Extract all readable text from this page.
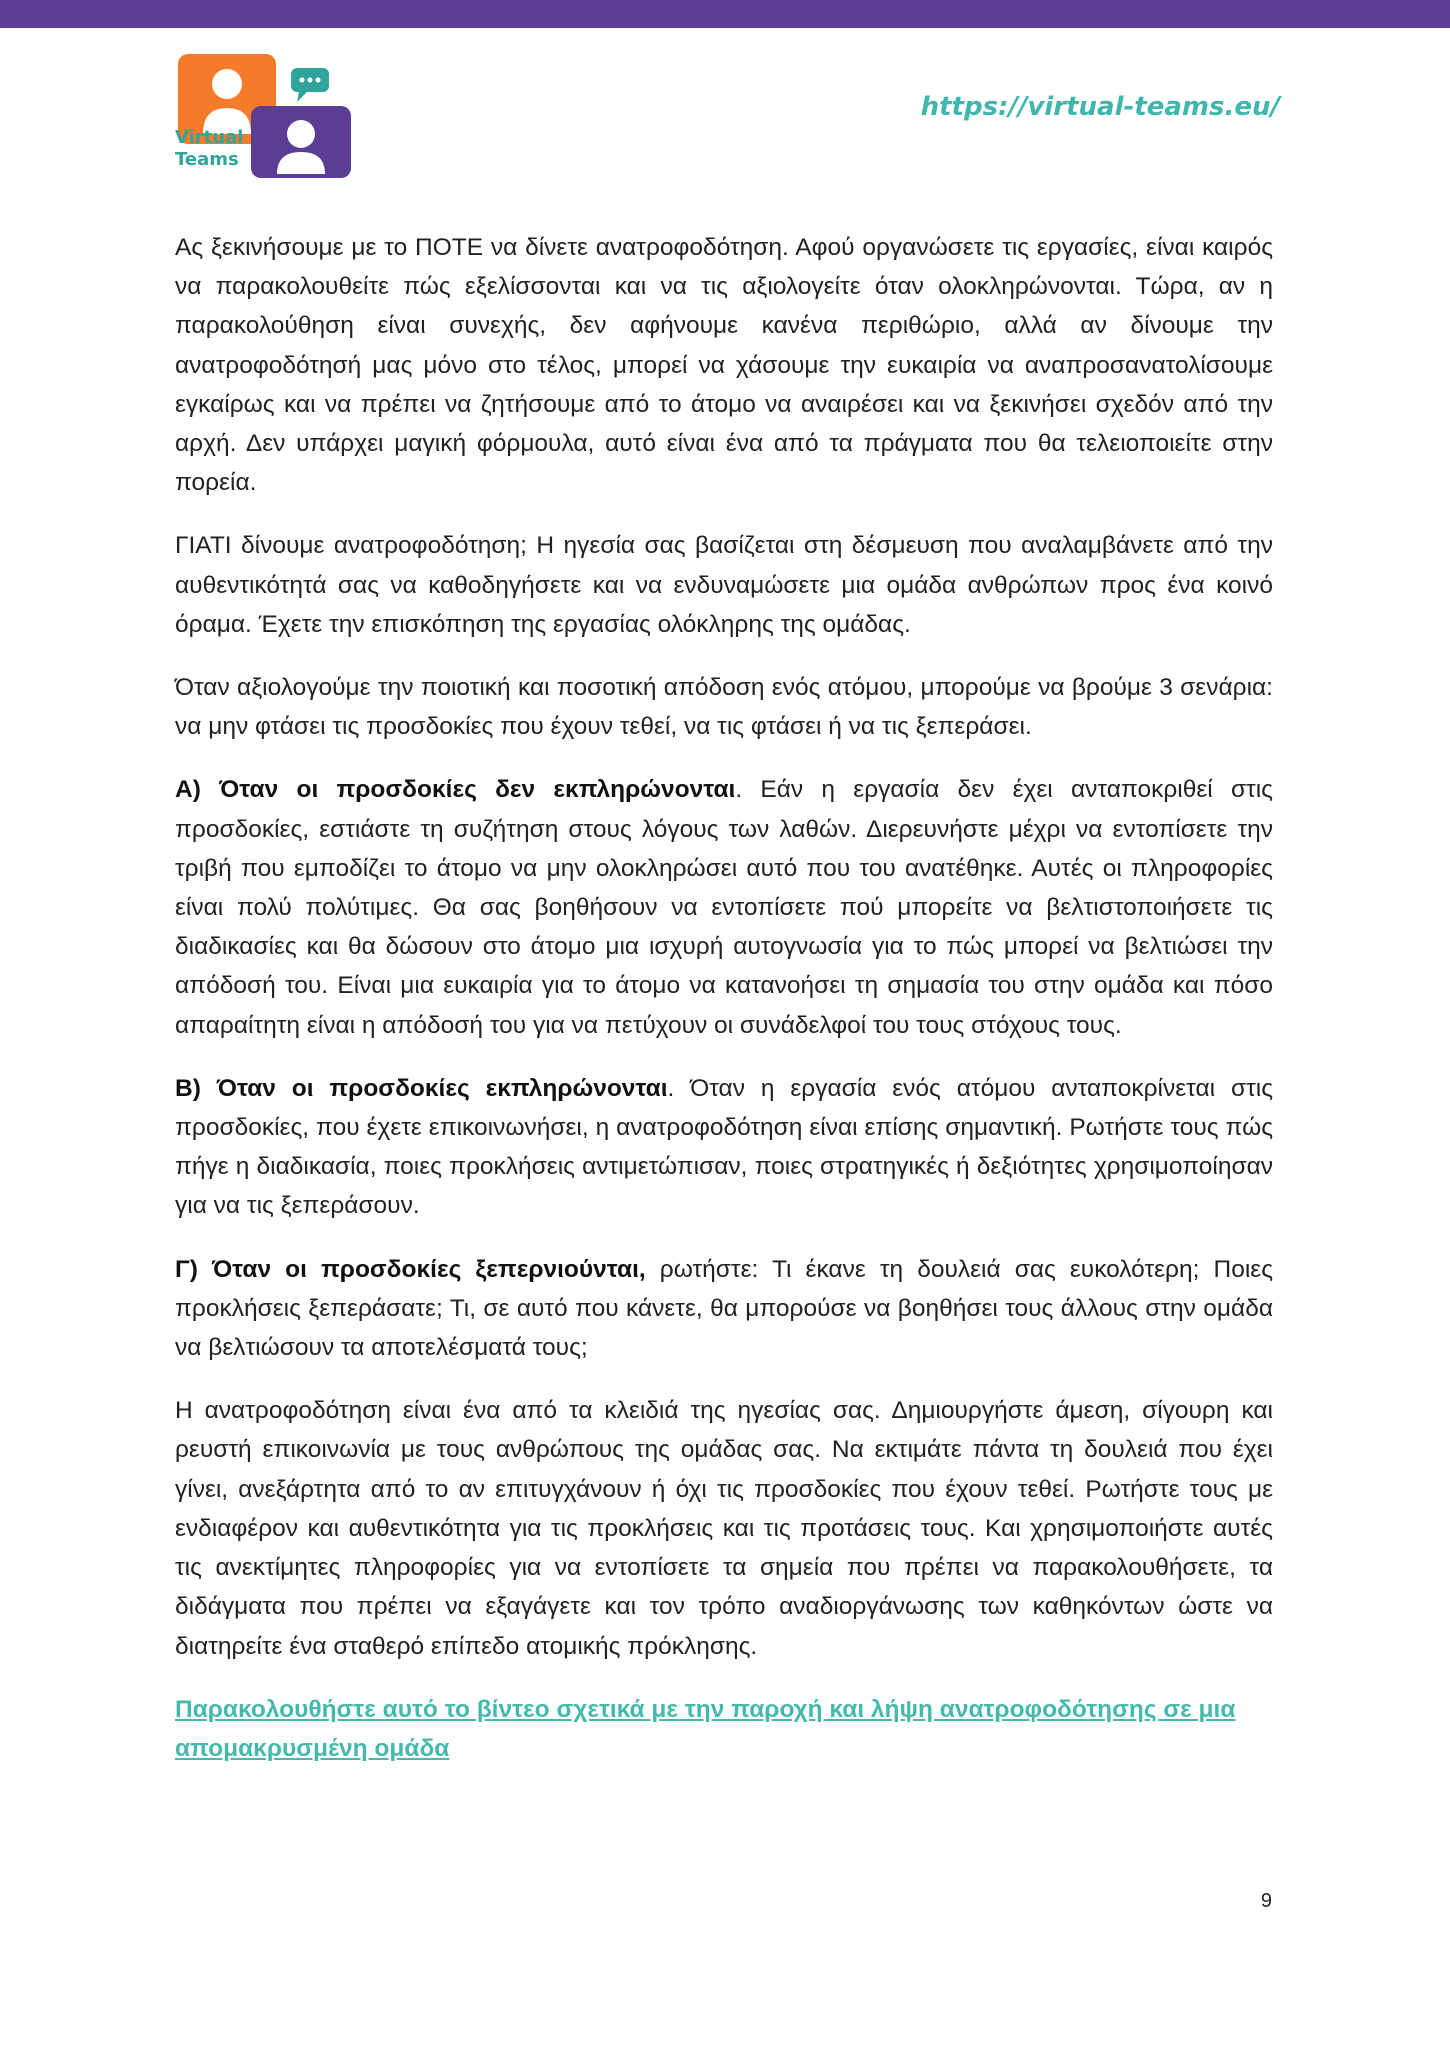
Virtual
Teams
https://virtual-teams.eu/

Ας ξεκινήσουμε με το ΠΟΤΕ να δίνετε ανατροφοδότηση. Αφού οργανώσετε τις εργασίες, είναι καιρός να παρακολουθείτε πώς εξελίσσονται και να τις αξιολογείτε όταν ολοκληρώνονται. Τώρα, αν η παρακολούθηση είναι συνεχής, δεν αφήνουμε κανένα περιθώριο, αλλά αν δίνουμε την ανατροφοδότησή μας μόνο στο τέλος, μπορεί να χάσουμε την ευκαιρία να αναπροσανατολίσουμε εγκαίρως και να πρέπει να ζητήσουμε από το άτομο να αναιρέσει και να ξεκινήσει σχεδόν από την αρχή. Δεν υπάρχει μαγική φόρμουλα, αυτό είναι ένα από τα πράγματα που θα τελειοποιείτε στην πορεία.

ΓΙΑΤΙ δίνουμε ανατροφοδότηση; Η ηγεσία σας βασίζεται στη δέσμευση που αναλαμβάνετε από την αυθεντικότητά σας να καθοδηγήσετε και να ενδυναμώσετε μια ομάδα ανθρώπων προς ένα κοινό όραμα. Έχετε την επισκόπηση της εργασίας ολόκληρης της ομάδας.

Όταν αξιολογούμε την ποιοτική και ποσοτική απόδοση ενός ατόμου, μπορούμε να βρούμε 3 σενάρια: να μην φτάσει τις προσδοκίες που έχουν τεθεί, να τις φτάσει ή να τις ξεπεράσει.

Α) Όταν οι προσδοκίες δεν εκπληρώνονται. Εάν η εργασία δεν έχει ανταποκριθεί στις προσδοκίες, εστιάστε τη συζήτηση στους λόγους των λαθών. Διερευνήστε μέχρι να εντοπίσετε την τριβή που εμποδίζει το άτομο να μην ολοκληρώσει αυτό που του ανατέθηκε. Αυτές οι πληροφορίες είναι πολύ πολύτιμες. Θα σας βοηθήσουν να εντοπίσετε πού μπορείτε να βελτιστοποιήσετε τις διαδικασίες και θα δώσουν στο άτομο μια ισχυρή αυτογνωσία για το πώς μπορεί να βελτιώσει την απόδοσή του. Είναι μια ευκαιρία για το άτομο να κατανοήσει τη σημασία του στην ομάδα και πόσο απαραίτητη είναι η απόδοσή του για να πετύχουν οι συνάδελφοί του τους στόχους τους.

Β) Όταν οι προσδοκίες εκπληρώνονται. Όταν η εργασία ενός ατόμου ανταποκρίνεται στις προσδοκίες, που έχετε επικοινωνήσει, η ανατροφοδότηση είναι επίσης σημαντική. Ρωτήστε τους πώς πήγε η διαδικασία, ποιες προκλήσεις αντιμετώπισαν, ποιες στρατηγικές ή δεξιότητες χρησιμοποίησαν για να τις ξεπεράσουν.

Γ) Όταν οι προσδοκίες ξεπερνιούνται, ρωτήστε: Τι έκανε τη δουλειά σας ευκολότερη; Ποιες προκλήσεις ξεπεράσατε; Τι, σε αυτό που κάνετε, θα μπορούσε να βοηθήσει τους άλλους στην ομάδα να βελτιώσουν τα αποτελέσματά τους;

Η ανατροφοδότηση είναι ένα από τα κλειδιά της ηγεσίας σας. Δημιουργήστε άμεση, σίγουρη και ρευστή επικοινωνία με τους ανθρώπους της ομάδας σας. Να εκτιμάτε πάντα τη δουλειά που έχει γίνει, ανεξάρτητα από το αν επιτυγχάνουν ή όχι τις προσδοκίες που έχουν τεθεί. Ρωτήστε τους με ενδιαφέρον και αυθεντικότητα για τις προκλήσεις και τις προτάσεις τους. Και χρησιμοποιήστε αυτές τις ανεκτίμητες πληροφορίες για να εντοπίσετε τα σημεία που πρέπει να παρακολουθήσετε, τα διδάγματα που πρέπει να εξαγάγετε και τον τρόπο αναδιοργάνωσης των καθηκόντων ώστε να διατηρείτε ένα σταθερό επίπεδο ατομικής πρόκλησης.

Παρακολουθήστε αυτό το βίντεο σχετικά με την παροχή και λήψη ανατροφοδότησης σε μια απομακρυσμένη ομάδα

9
